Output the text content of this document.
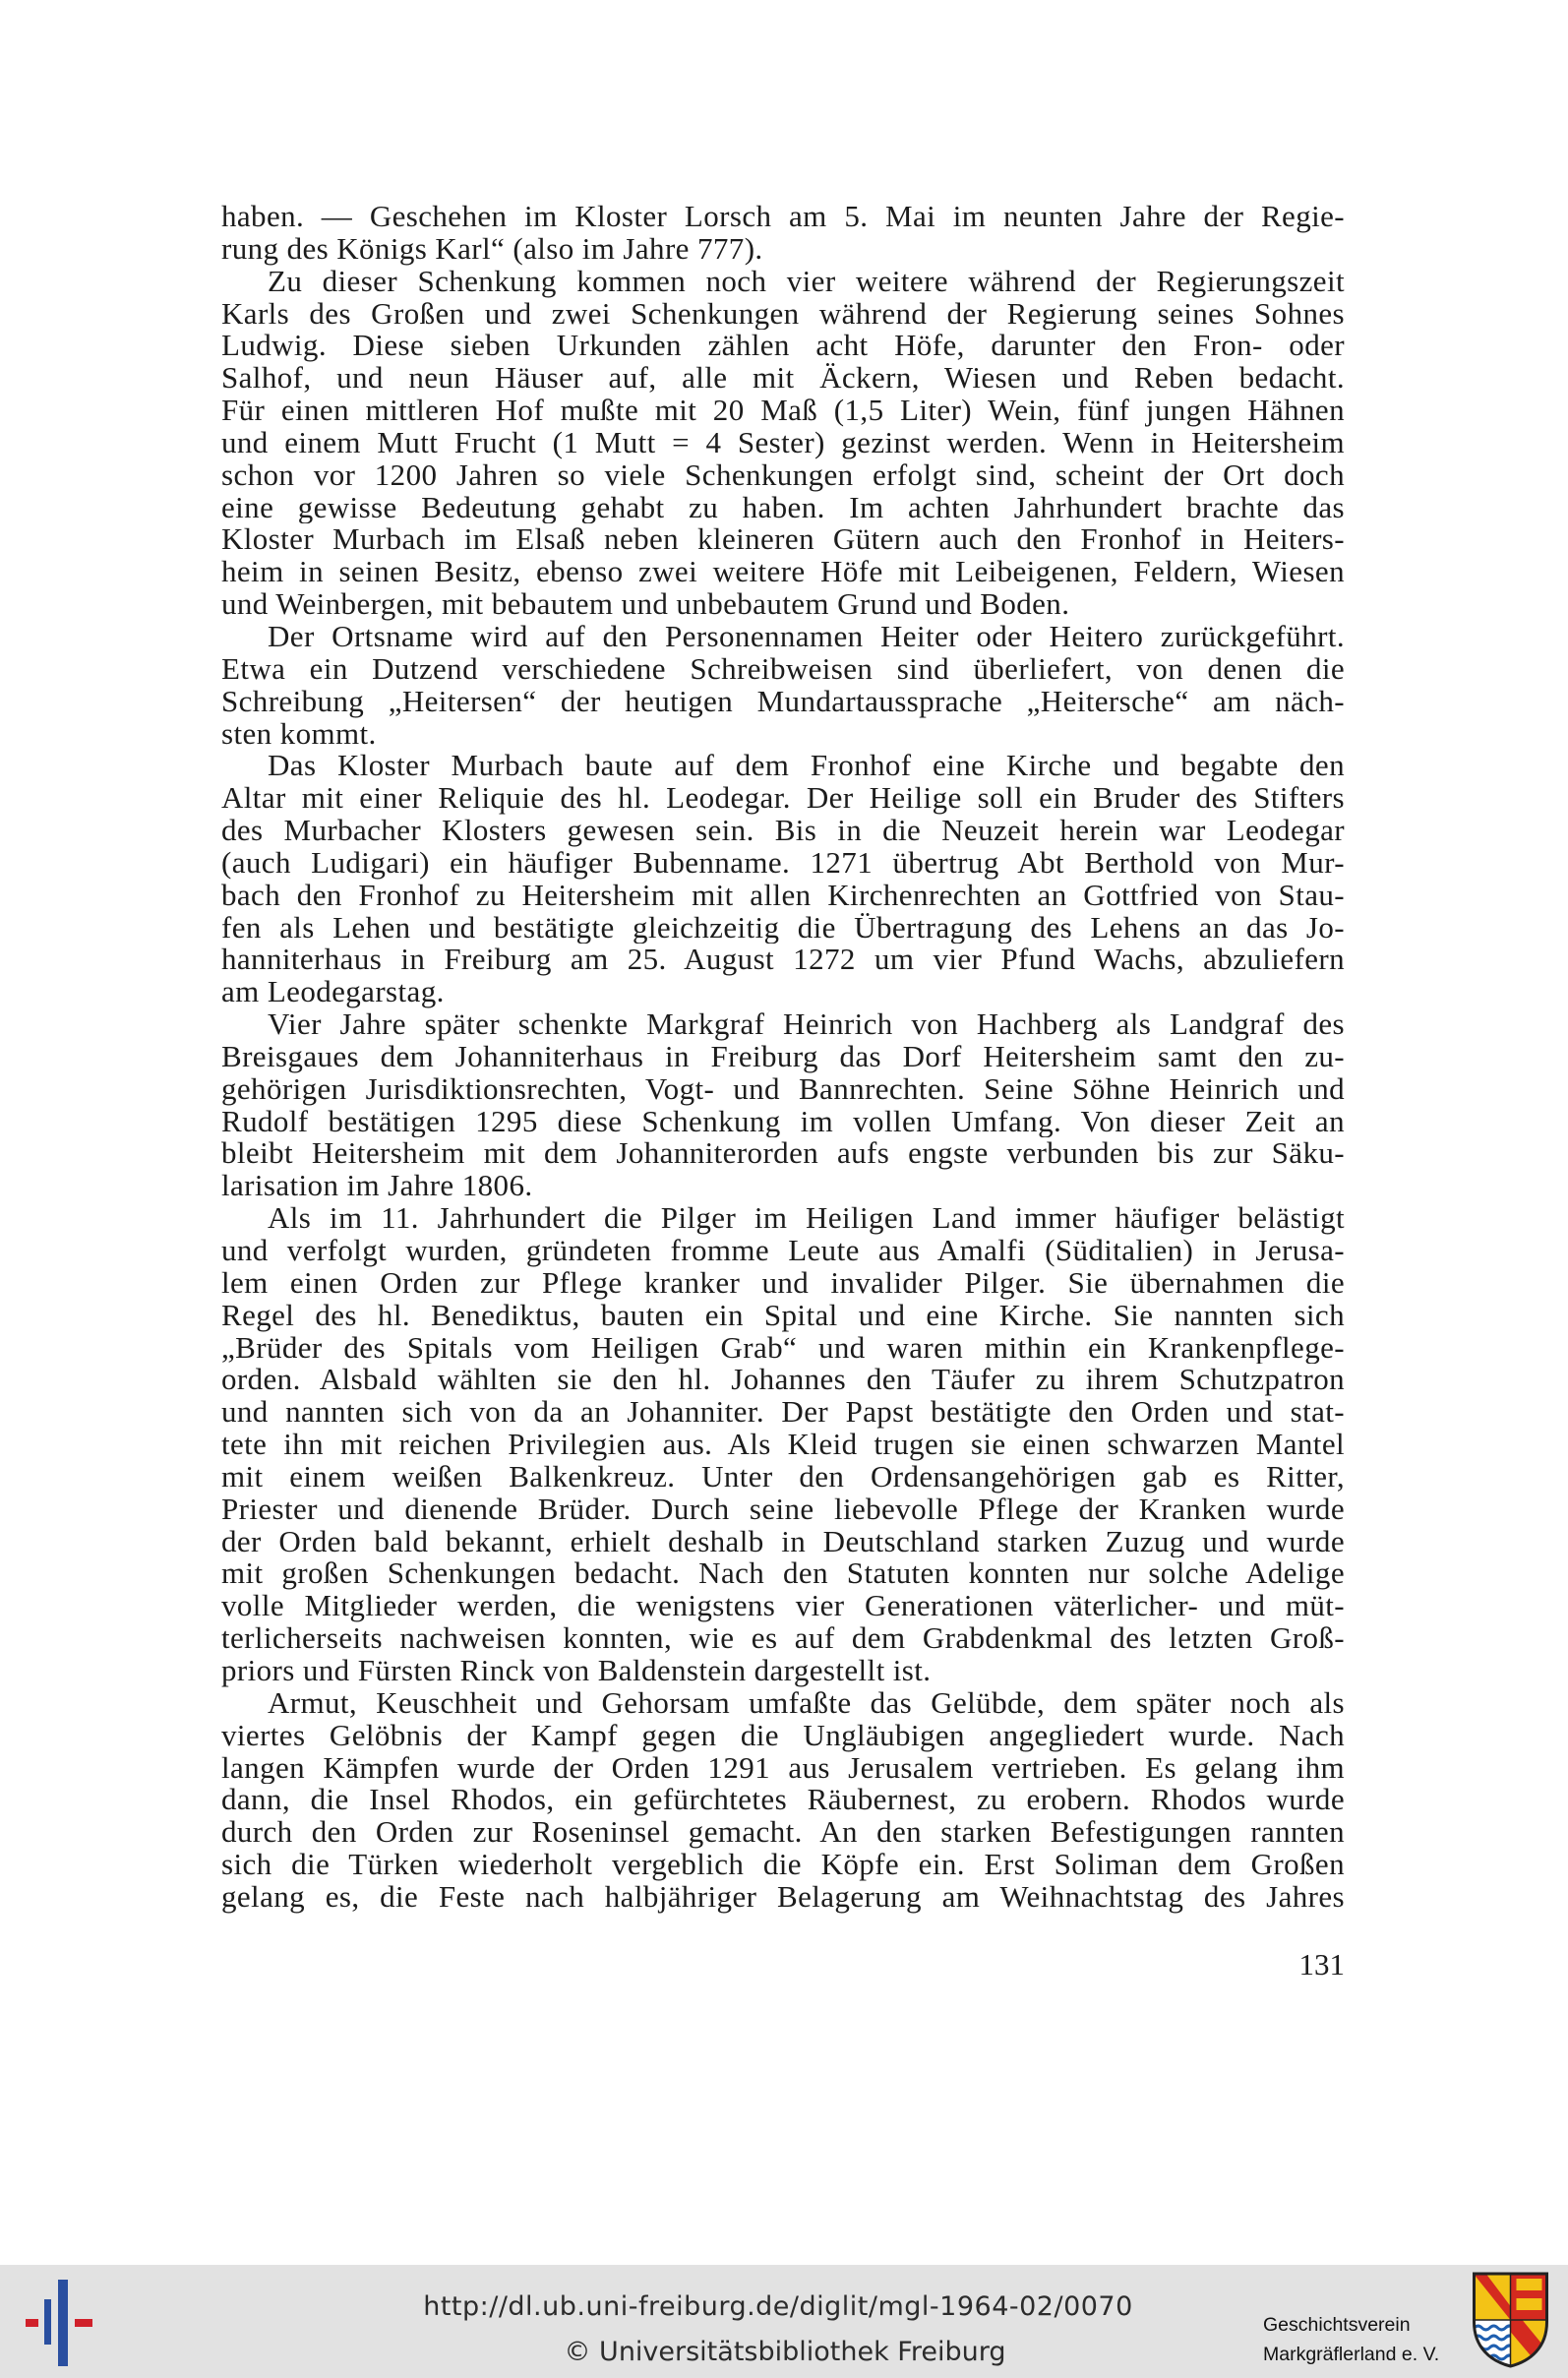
haben. — Geschehen im Kloster Lorsch am 5. Mai im neunten Jahre der Regie-
rung des Königs Karl“ (also im Jahre 777).
Zu dieser Schenkung kommen noch vier weitere während der Regierungszeit
Karls des Großen und zwei Schenkungen während der Regierung seines Sohnes
Ludwig. Diese sieben Urkunden zählen acht Höfe, darunter den Fron- oder
Salhof, und neun Häuser auf, alle mit Äckern, Wiesen und Reben bedacht.
Für einen mittleren Hof mußte mit 20 Maß (1,5 Liter) Wein, fünf jungen Hähnen
und einem Mutt Frucht (1 Mutt = 4 Sester) gezinst werden. Wenn in Heitersheim
schon vor 1200 Jahren so viele Schenkungen erfolgt sind, scheint der Ort doch
eine gewisse Bedeutung gehabt zu haben. Im achten Jahrhundert brachte das
Kloster Murbach im Elsaß neben kleineren Gütern auch den Fronhof in Heiters-
heim in seinen Besitz, ebenso zwei weitere Höfe mit Leibeigenen, Feldern, Wiesen
und Weinbergen, mit bebautem und unbebautem Grund und Boden.
Der Ortsname wird auf den Personennamen Heiter oder Heitero zurückgeführt.
Etwa ein Dutzend verschiedene Schreibweisen sind überliefert, von denen die
Schreibung „Heitersen“ der heutigen Mundartaussprache „Heitersche“ am näch-
sten kommt.
Das Kloster Murbach baute auf dem Fronhof eine Kirche und begabte den
Altar mit einer Reliquie des hl. Leodegar. Der Heilige soll ein Bruder des Stifters
des Murbacher Klosters gewesen sein. Bis in die Neuzeit herein war Leodegar
(auch Ludigari) ein häufiger Bubenname. 1271 übertrug Abt Berthold von Mur-
bach den Fronhof zu Heitersheim mit allen Kirchenrechten an Gottfried von Stau-
fen als Lehen und bestätigte gleichzeitig die Übertragung des Lehens an das Jo-
hanniterhaus in Freiburg am 25. August 1272 um vier Pfund Wachs, abzuliefern
am Leodegarstag.
Vier Jahre später schenkte Markgraf Heinrich von Hachberg als Landgraf des
Breisgaues dem Johanniterhaus in Freiburg das Dorf Heitersheim samt den zu-
gehörigen Jurisdiktionsrechten, Vogt- und Bannrechten. Seine Söhne Heinrich und
Rudolf bestätigen 1295 diese Schenkung im vollen Umfang. Von dieser Zeit an
bleibt Heitersheim mit dem Johanniterorden aufs engste verbunden bis zur Säku-
larisation im Jahre 1806.
Als im 11. Jahrhundert die Pilger im Heiligen Land immer häufiger belästigt
und verfolgt wurden, gründeten fromme Leute aus Amalfi (Süditalien) in Jerusa-
lem einen Orden zur Pflege kranker und invalider Pilger. Sie übernahmen die
Regel des hl. Benediktus, bauten ein Spital und eine Kirche. Sie nannten sich
„Brüder des Spitals vom Heiligen Grab“ und waren mithin ein Krankenpflege-
orden. Alsbald wählten sie den hl. Johannes den Täufer zu ihrem Schutzpatron
und nannten sich von da an Johanniter. Der Papst bestätigte den Orden und stat-
tete ihn mit reichen Privilegien aus. Als Kleid trugen sie einen schwarzen Mantel
mit einem weißen Balkenkreuz. Unter den Ordensangehörigen gab es Ritter,
Priester und dienende Brüder. Durch seine liebevolle Pflege der Kranken wurde
der Orden bald bekannt, erhielt deshalb in Deutschland starken Zuzug und wurde
mit großen Schenkungen bedacht. Nach den Statuten konnten nur solche Adelige
volle Mitglieder werden, die wenigstens vier Generationen väterlicher- und müt-
terlicherseits nachweisen konnten, wie es auf dem Grabdenkmal des letzten Groß-
priors und Fürsten Rinck von Baldenstein dargestellt ist.
Armut, Keuschheit und Gehorsam umfaßte das Gelübde, dem später noch als
viertes Gelöbnis der Kampf gegen die Ungläubigen angegliedert wurde. Nach
langen Kämpfen wurde der Orden 1291 aus Jerusalem vertrieben. Es gelang ihm
dann, die Insel Rhodos, ein gefürchtetes Räubernest, zu erobern. Rhodos wurde
durch den Orden zur Roseninsel gemacht. An den starken Befestigungen rannten
sich die Türken wiederholt vergeblich die Köpfe ein. Erst Soliman dem Großen
gelang es, die Feste nach halbjähriger Belagerung am Weihnachtstag des Jahres
131
http://dl.ub.uni-freiburg.de/diglit/mgl-1964-02/0070
© Universitätsbibliothek Freiburg
Geschichtsverein
Markgräflerland e. V.
